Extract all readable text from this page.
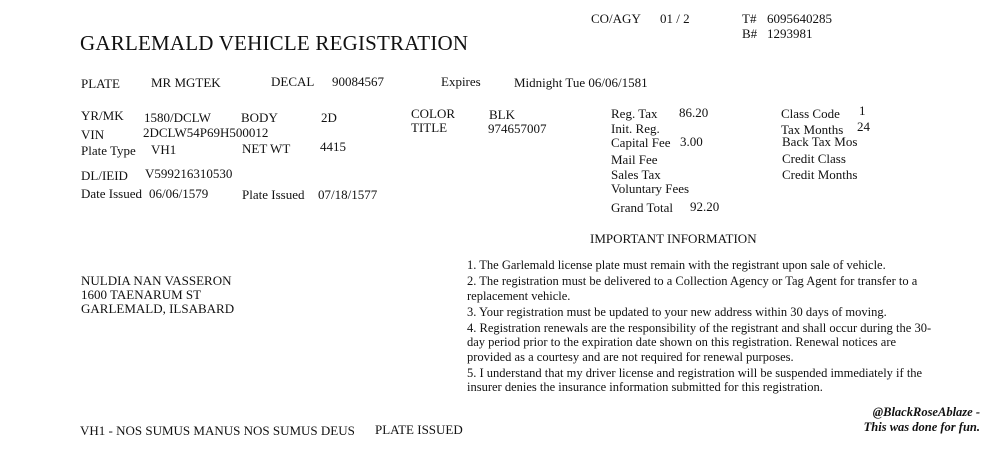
CO/AGY 01 / 2	T# 6095640285
B# 1293981
GARLEMALD VEHICLE REGISTRATION
PLATE MR MGTEK	DECAL 90084567	Expires	Midnight Tue 06/06/1581
YR/MK 1580/DCLW BODY	2D
VIN	2DCLW54P69H500012
Plate Type VH1	NET WT 4415
DL/IEID V599216310530
Date Issued 06/06/1579	Plate Issued 07/18/1577
COLOR	BLK
TITLE	974657007
Reg. Tax 86.20
Init. Reg.
Capital Fee 3.00
Mail Fee
Sales Tax
Voluntary Fees
Grand Total 92.20
Class Code 1
Tax Months 24
Back Tax Mos
Credit Class
Credit Months
IMPORTANT INFORMATION

1. The Garlemald license plate must remain with the registrant upon sale of vehicle.

2. The registration must be delivered to a Collection Agency or Tag Agent for transfer to a replacement vehicle.

3. Your registration must be updated to your new address within 30 days of moving.

4. Registration renewals are the responsibility of the registrant and shall occur during the 30-day period prior to the expiration date shown on this registration. Renewal notices are provided as a courtesy and are not required for renewal purposes.

5. I understand that my driver license and registration will be suspended immediately if the insurer denies the insurance information submitted for this registration.

NULDIA NAN VASSERON
1600 TAENARUM ST
GARLEMALD, ILSABARD
VH1 - NOS SUMUS MANUS NOS SUMUS DEUS PLATE ISSUED
@BlackRoseAblaze -
This was done for fun.
